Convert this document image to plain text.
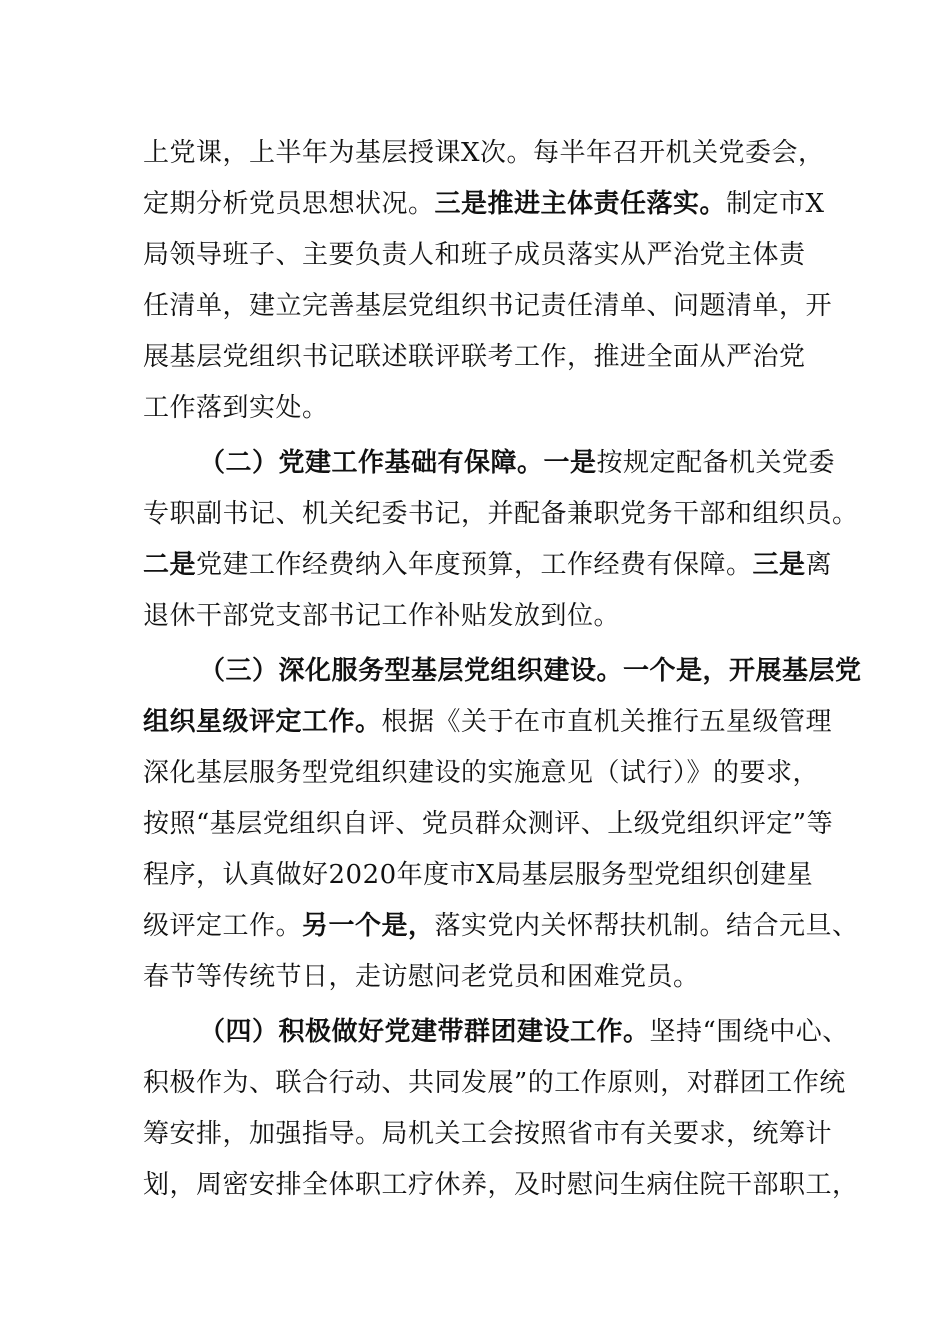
上党课，上半年为基层授课X次。每半年召开机关党委会，
定期分析党员思想状况。三是推进主体责任落实。制定市X
局领导班子、主要负责人和班子成员落实从严治党主体责
任清单，建立完善基层党组织书记责任清单、问题清单，开
展基层党组织书记联述联评联考工作，推进全面从严治党
工作落到实处。
（二）党建工作基础有保障。一是按规定配备机关党委
专职副书记、机关纪委书记，并配备兼职党务干部和组织员。
二是党建工作经费纳入年度预算，工作经费有保障。三是离
退休干部党支部书记工作补贴发放到位。
（三）深化服务型基层党组织建设。一个是，开展基层党
组织星级评定工作。根据《关于在市直机关推行五星级管理
深化基层服务型党组织建设的实施意见（试行）》的要求，
按照“基层党组织自评、党员群众测评、上级党组织评定”等
程序，认真做好2020年度市X局基层服务型党组织创建星
级评定工作。另一个是，落实党内关怀帮扶机制。结合元旦、
春节等传统节日，走访慰问老党员和困难党员。
（四）积极做好党建带群团建设工作。坚持“围绕中心、
积极作为、联合行动、共同发展”的工作原则，对群团工作统
筹安排，加强指导。局机关工会按照省市有关要求，统筹计
划，周密安排全体职工疗休养，及时慰问生病住院干部职工，
